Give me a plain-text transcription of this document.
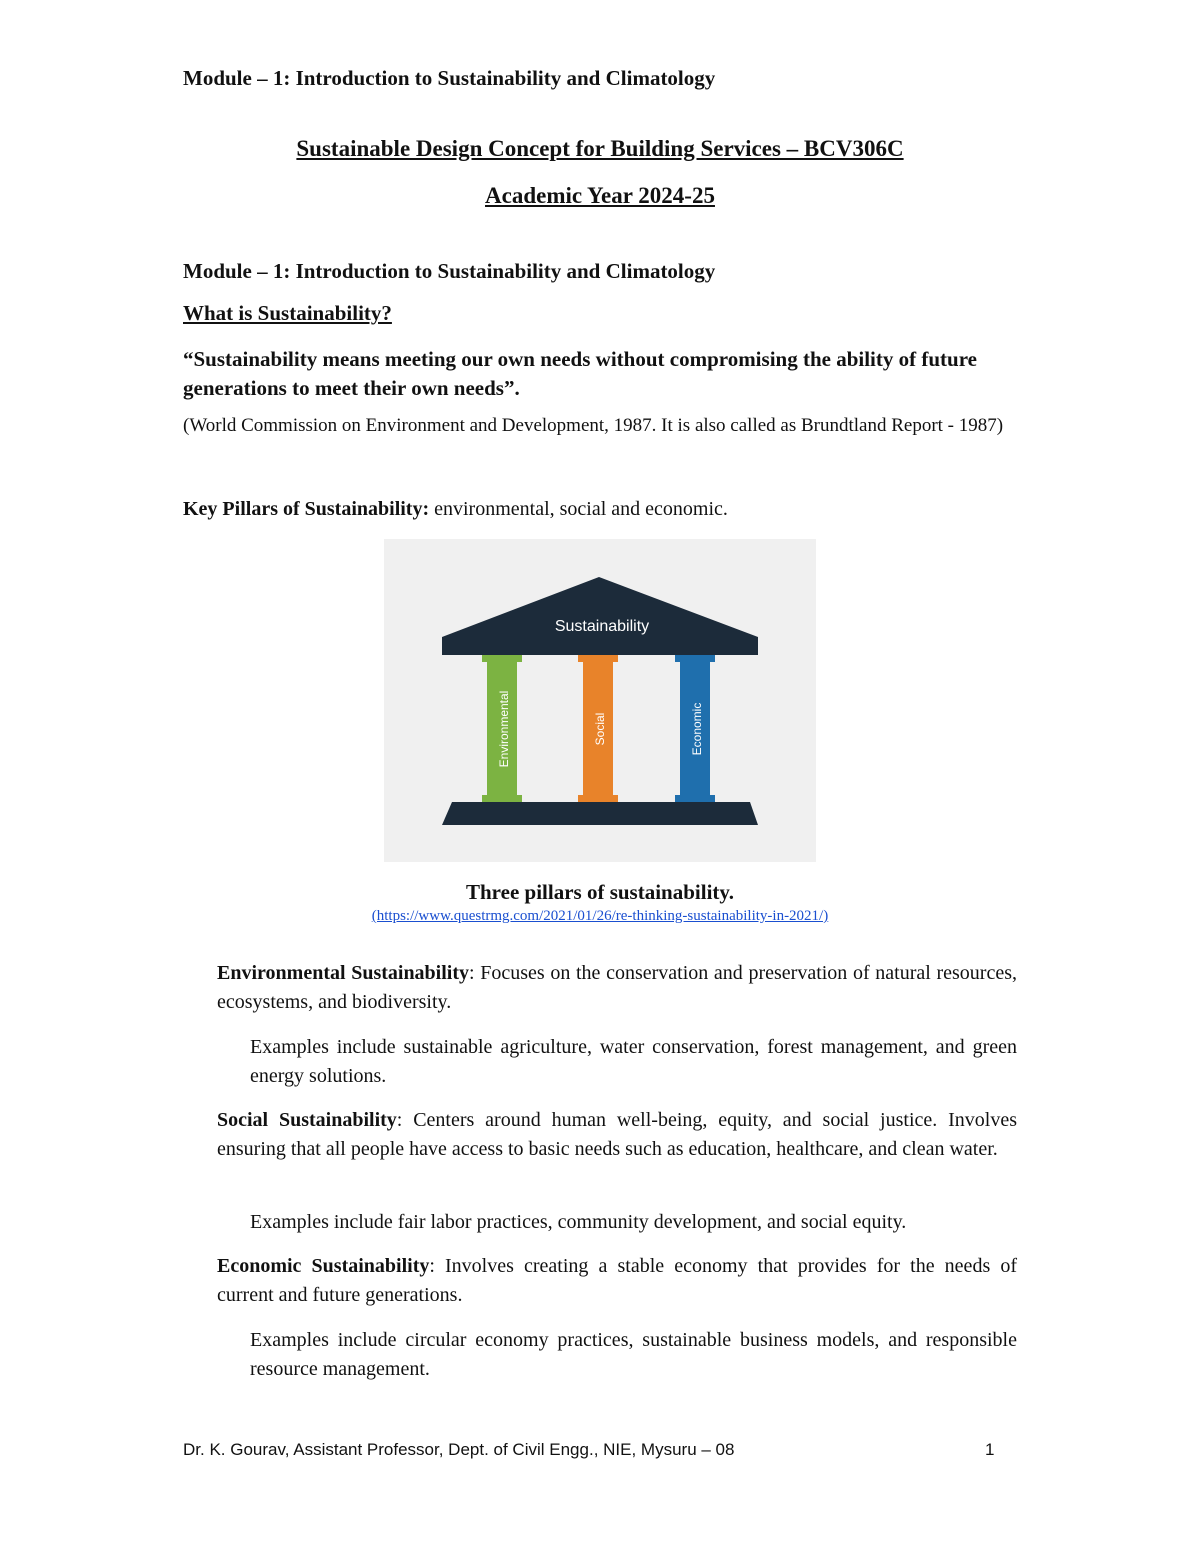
Module – 1: Introduction to Sustainability and Climatology
Sustainable Design Concept for Building Services – BCV306C
Academic Year 2024-25
Module – 1: Introduction to Sustainability and Climatology
What is Sustainability?
“Sustainability means meeting our own needs without compromising the ability of future generations to meet their own needs”.
(World Commission on Environment and Development, 1987. It is also called as Brundtland Report - 1987)
Key Pillars of Sustainability: environmental, social and economic.
Sustainability
Environmental	Social	Economic
Three pillars of sustainability.
(https://www.questrmg.com/2021/01/26/re-thinking-sustainability-in-2021/)
Environmental Sustainability: Focuses on the conservation and preservation of natural resources, ecosystems, and biodiversity.
Examples include sustainable agriculture, water conservation, forest management, and green energy solutions.
Social Sustainability: Centers around human well-being, equity, and social justice. Involves ensuring that all people have access to basic needs such as education, healthcare, and clean water.
Examples include fair labor practices, community development, and social equity.
Economic Sustainability: Involves creating a stable economy that provides for the needs of current and future generations.
Examples include circular economy practices, sustainable business models, and responsible resource management.
Dr. K. Gourav, Assistant Professor, Dept. of Civil Engg., NIE, Mysuru – 08	1
